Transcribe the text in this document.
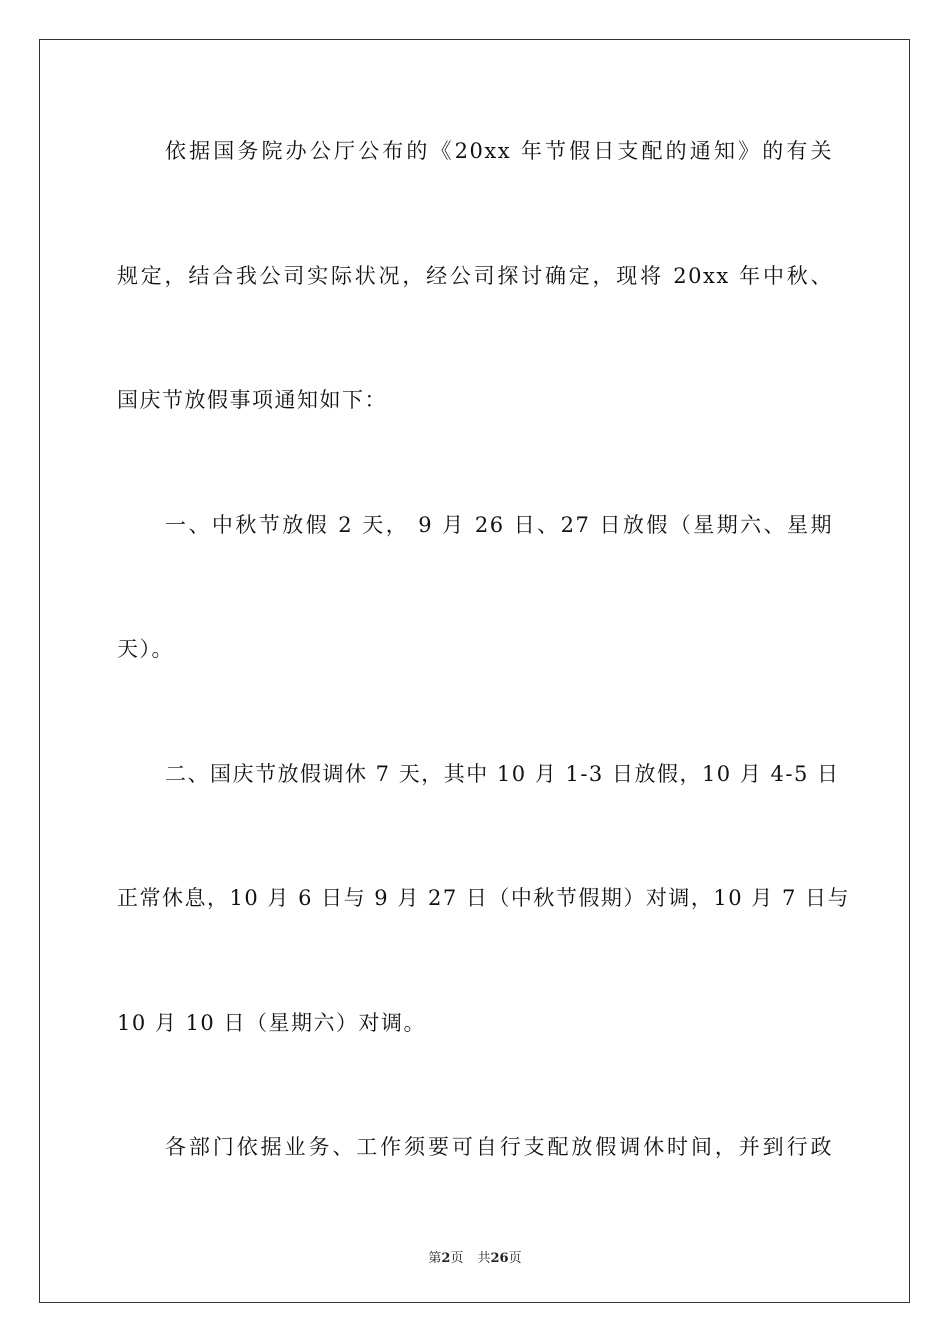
依据国务院办公厅公布的《20xx 年节假日支配的通知》的有关
规定，结合我公司实际状况，经公司探讨确定，现将 20xx 年中秋、
国庆节放假事项通知如下：
一、中秋节放假 2 天， 9 月 26 日、27 日放假（星期六、星期
天）。
二、国庆节放假调休 7 天，其中 10 月 1-3 日放假，10 月 4-5 日
正常休息，10 月 6 日与 9 月 27 日（中秋节假期）对调，10 月 7 日与
10 月 10 日（星期六）对调。
各部门依据业务、工作须要可自行支配放假调休时间，并到行政
第2页 共26页
